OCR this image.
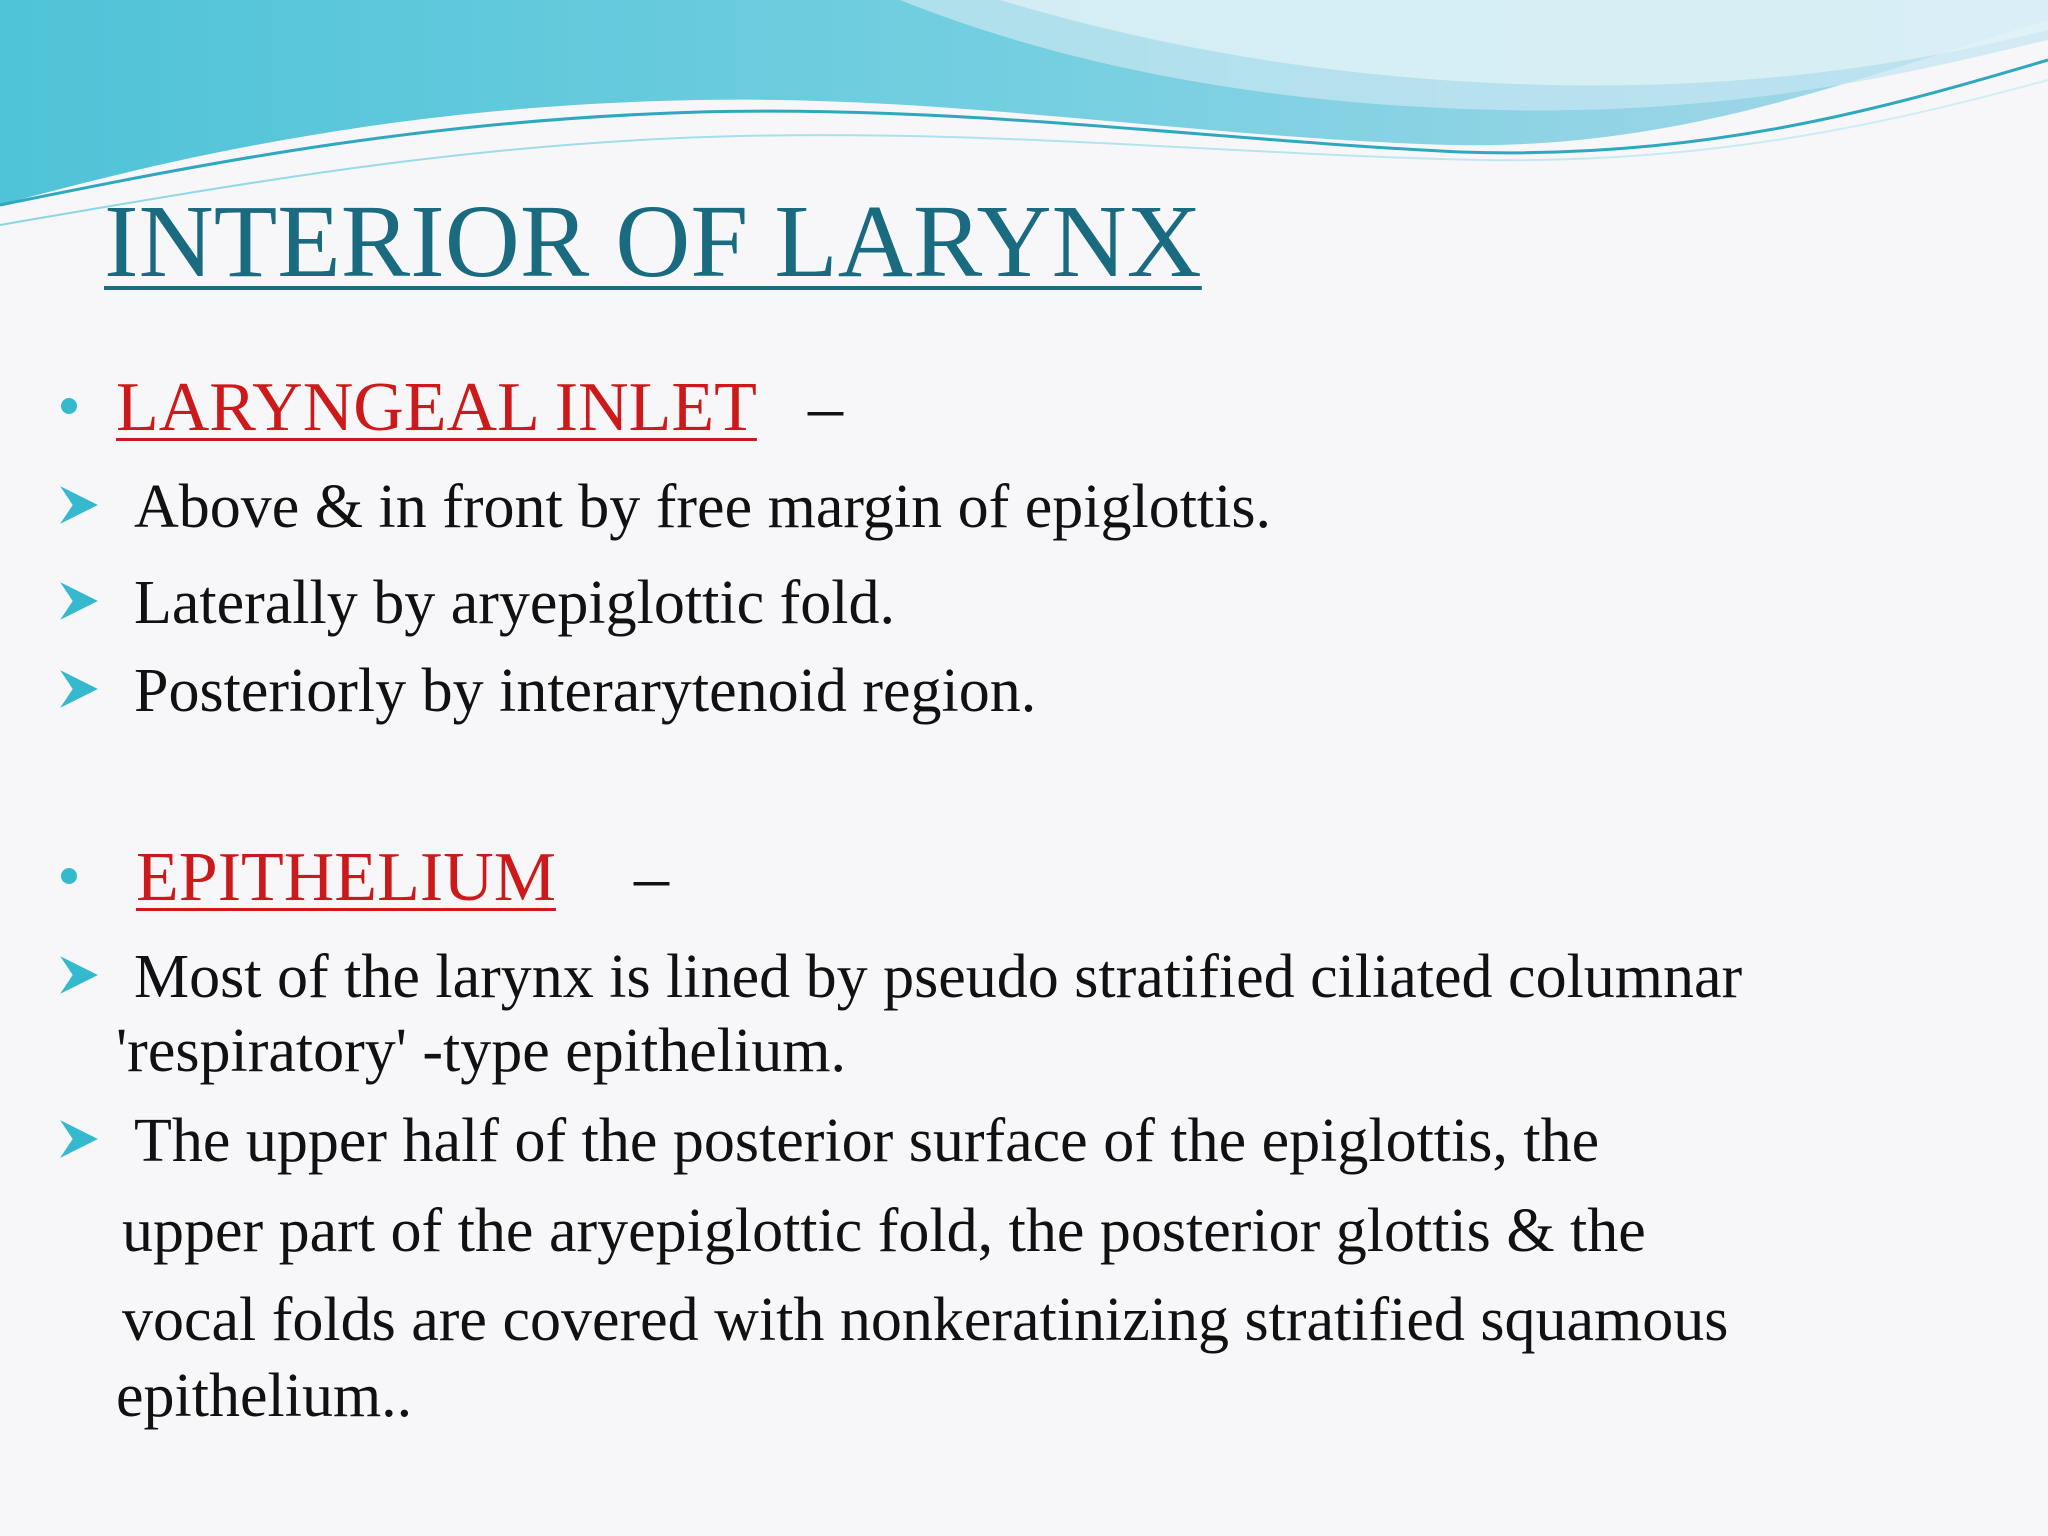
INTERIOR OF LARYNX
LARYNGEAL INLET –
Above & in front by free margin of epiglottis.
Laterally by aryepiglottic fold.
Posteriorly by interarytenoid region.
EPITHELIUM –
Most of the larynx is lined by pseudo stratified ciliated columnar
'respiratory' -type epithelium.
The upper half of the posterior surface of the epiglottis, the
upper part of the aryepiglottic fold, the posterior glottis & the
vocal folds are covered with nonkeratinizing stratified squamous
epithelium..
